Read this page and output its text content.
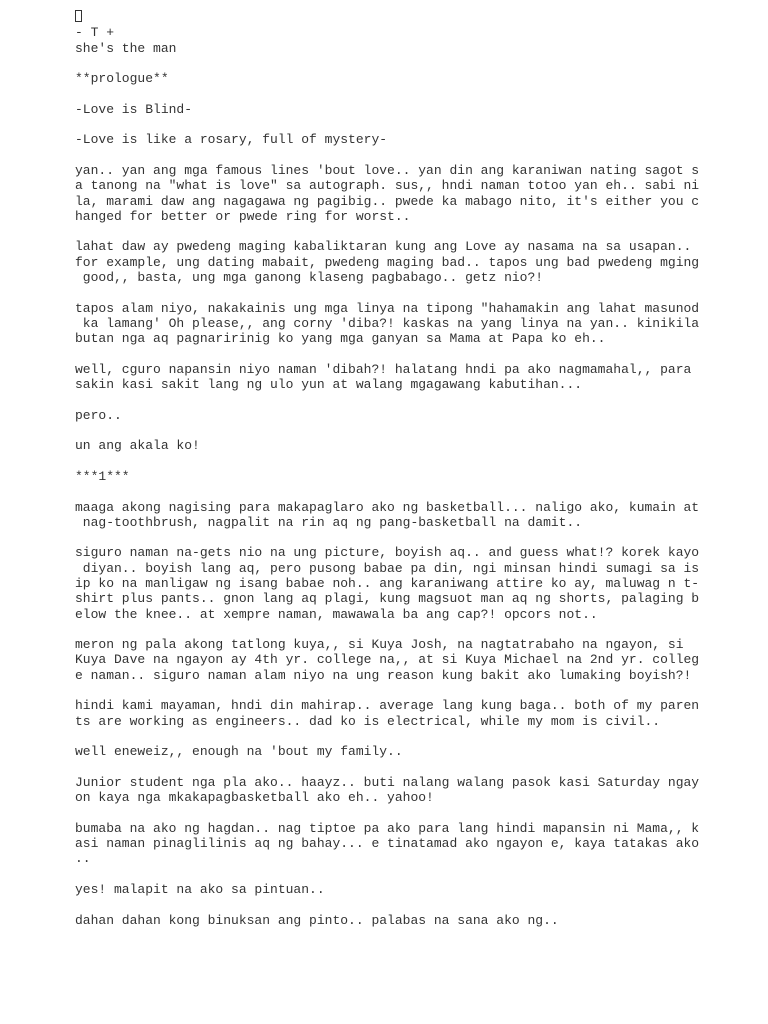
- T +
she's the man
**prologue**
-Love is Blind-
-Love is like a rosary, full of mystery-
yan.. yan ang mga famous lines 'bout love.. yan din ang karaniwan nating sagot s
a tanong na "what is love" sa autograph. sus,, hndi naman totoo yan eh.. sabi ni
la, marami daw ang nagagawa ng pagibig.. pwede ka mabago nito, it's either you c
hanged for better or pwede ring for worst..
lahat daw ay pwedeng maging kabaliktaran kung ang Love ay nasama na sa usapan..
for example, ung dating mabait, pwedeng maging bad.. tapos ung bad pwedeng mging
good,, basta, ung mga ganong klaseng pagbabago.. getz nio?!
tapos alam niyo, nakakainis ung mga linya na tipong "hahamakin ang lahat masunod
ka lamang' Oh please,, ang corny 'diba?! kaskas na yang linya na yan.. kinikila
butan nga aq pagnaririnig ko yang mga ganyan sa Mama at Papa ko eh..
well, cguro napansin niyo naman 'dibah?! halatang hndi pa ako nagmamahal,, para
sakin kasi sakit lang ng ulo yun at walang mgagawang kabutihan...
pero..
un ang akala ko!
***1***
maaga akong nagising para makapaglaro ako ng basketball... naligo ako, kumain at
nag-toothbrush, nagpalit na rin aq ng pang-basketball na damit..
siguro naman na-gets nio na ung picture, boyish aq.. and guess what!? korek kayo
diyan.. boyish lang aq, pero pusong babae pa din, ngi minsan hindi sumagi sa is
ip ko na manligaw ng isang babae noh.. ang karaniwang attire ko ay, maluwag n t-
shirt plus pants.. gnon lang aq plagi, kung magsuot man aq ng shorts, palaging b
elow the knee.. at xempre naman, mawawala ba ang cap?! opcors not..
meron ng pala akong tatlong kuya,, si Kuya Josh, na nagtatrabaho na ngayon, si
Kuya Dave na ngayon ay 4th yr. college na,, at si Kuya Michael na 2nd yr. colleg
e naman.. siguro naman alam niyo na ung reason kung bakit ako lumaking boyish?!
hindi kami mayaman, hndi din mahirap.. average lang kung baga.. both of my paren
ts are working as engineers.. dad ko is electrical, while my mom is civil..
well eneweiz,, enough na 'bout my family..
Junior student nga pla ako.. haayz.. buti nalang walang pasok kasi Saturday ngay
on kaya nga mkakapagbasketball ako eh.. yahoo!
bumaba na ako ng hagdan.. nag tiptoe pa ako para lang hindi mapansin ni Mama,, k
asi naman pinaglilinis aq ng bahay... e tinatamad ako ngayon e, kaya tatakas ako
..
yes! malapit na ako sa pintuan..
dahan dahan kong binuksan ang pinto.. palabas na sana ako ng..
